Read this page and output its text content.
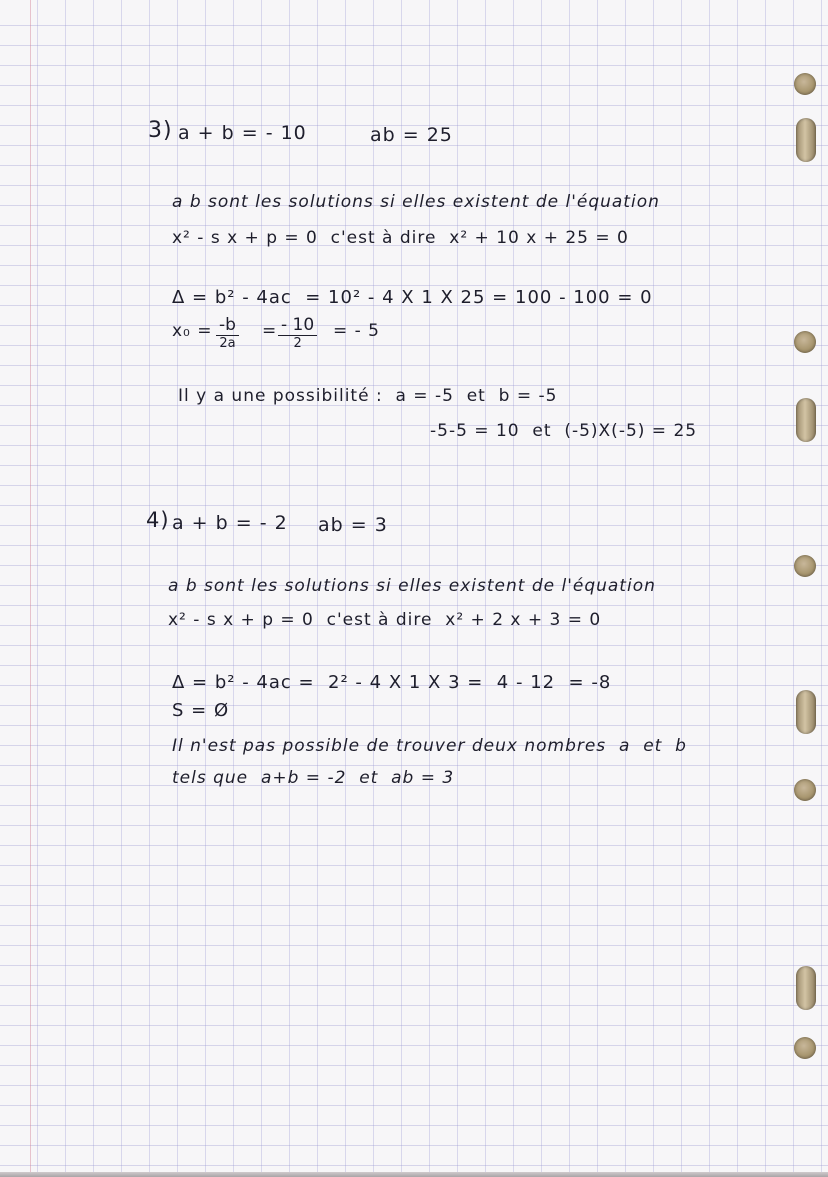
3) a + b = - 10	ab = 25
a b sont les solutions si elles existent de l'équation
x² - s x + p = 0  c'est à dire  x² + 10 x + 25 = 0
Δ = b² - 4ac  = 10² - 4 X 1 X 25 = 100 - 100 = 0
x₀ = -b
2a
= - 10
2
= - 5
Il y a une possibilité :  a = -5  et  b = -5
-5-5 = 10  et  (-5)X(-5) = 25
4) a + b = - 2 ab = 3
a b sont les solutions si elles existent de l'équation
x² - s x + p = 0  c'est à dire  x² + 2 x + 3 = 0
Δ = b² - 4ac =  2² - 4 X 1 X 3 =  4 - 12  = -8
S = Ø
Il n'est pas possible de trouver deux nombres  a  et  b
tels que  a+b = -2  et  ab = 3
